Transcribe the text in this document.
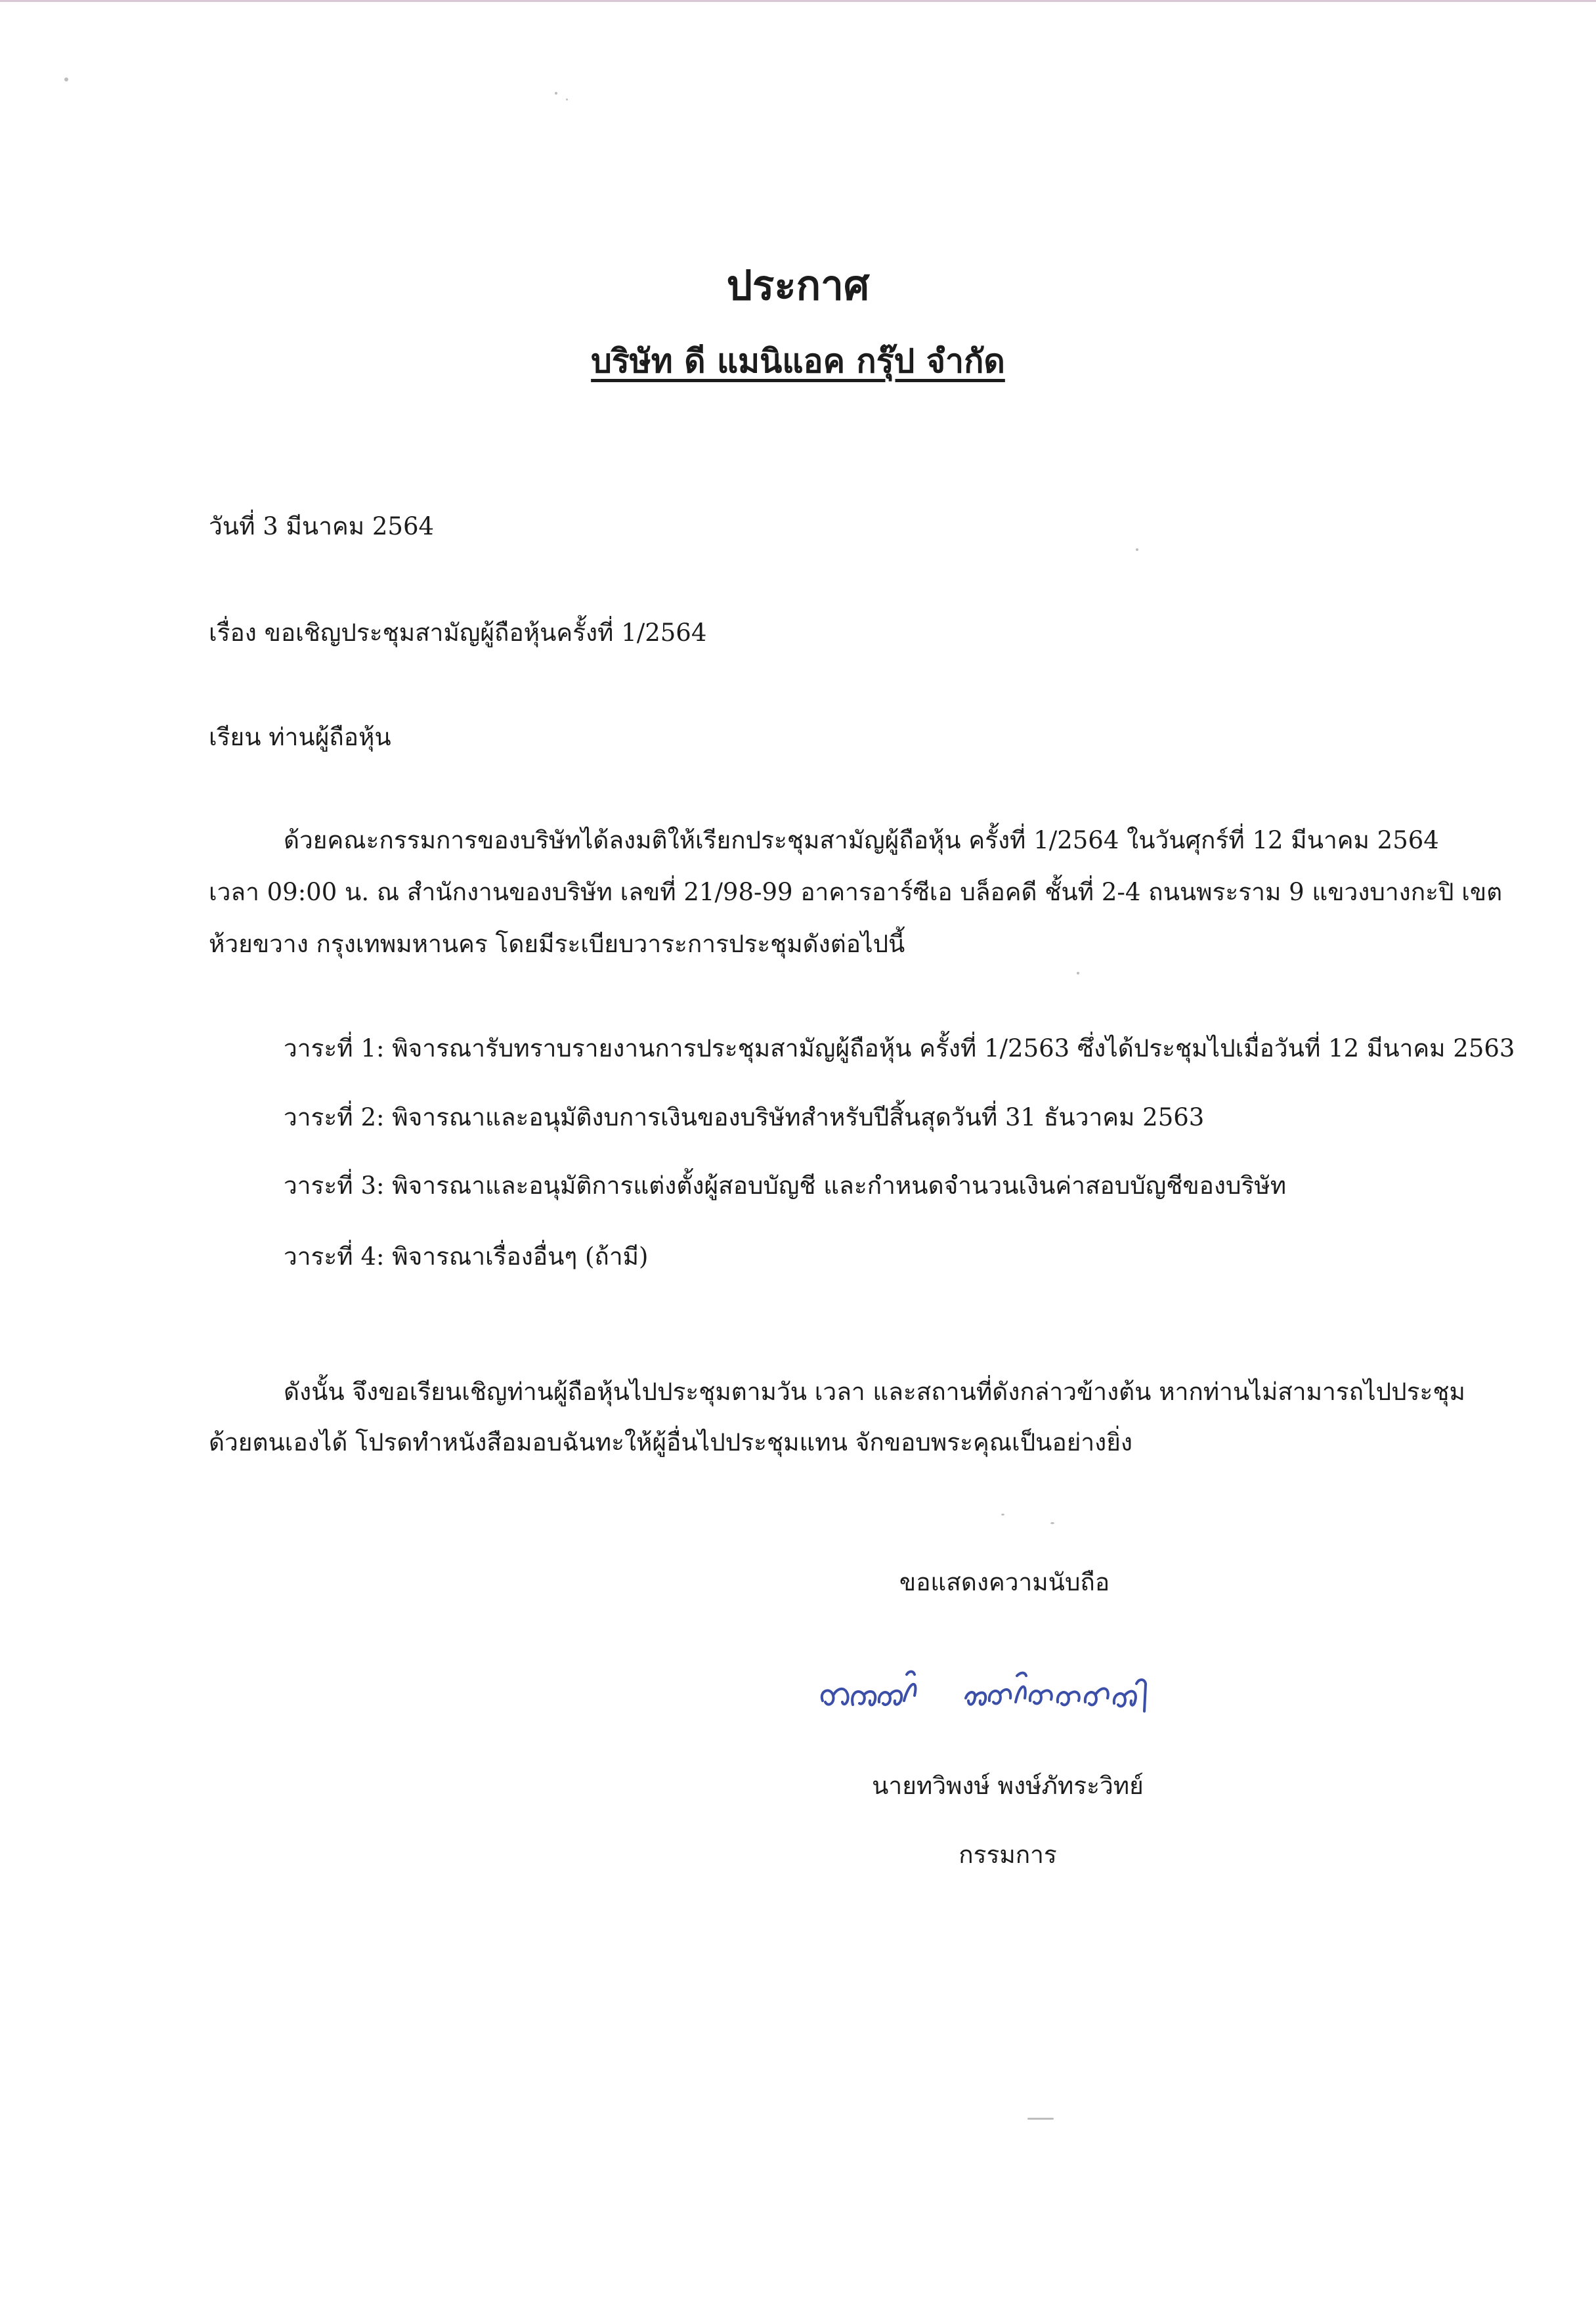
ประกาศ
บริษัท ดี แมนิแอค กรุ๊ป จำกัด
วันที่ 3 มีนาคม 2564
เรื่อง ขอเชิญประชุมสามัญผู้ถือหุ้นครั้งที่ 1/2564
เรียน ท่านผู้ถือหุ้น
ด้วยคณะกรรมการของบริษัทได้ลงมติให้เรียกประชุมสามัญผู้ถือหุ้น ครั้งที่ 1/2564 ในวันศุกร์ที่ 12 มีนาคม 2564
เวลา 09:00 น. ณ สำนักงานของบริษัท เลขที่ 21/98-99 อาคารอาร์ซีเอ บล็อคดี ชั้นที่ 2-4 ถนนพระราม 9 แขวงบางกะปิ เขต
ห้วยขวาง กรุงเทพมหานคร โดยมีระเบียบวาระการประชุมดังต่อไปนี้
วาระที่ 1: พิจารณารับทราบรายงานการประชุมสามัญผู้ถือหุ้น ครั้งที่ 1/2563 ซึ่งได้ประชุมไปเมื่อวันที่ 12 มีนาคม 2563
วาระที่ 2: พิจารณาและอนุมัติงบการเงินของบริษัทสำหรับปีสิ้นสุดวันที่ 31 ธันวาคม 2563
วาระที่ 3: พิจารณาและอนุมัติการแต่งตั้งผู้สอบบัญชี และกำหนดจำนวนเงินค่าสอบบัญชีของบริษัท
วาระที่ 4: พิจารณาเรื่องอื่นๆ (ถ้ามี)
ดังนั้น จึงขอเรียนเชิญท่านผู้ถือหุ้นไปประชุมตามวัน เวลา และสถานที่ดังกล่าวข้างต้น หากท่านไม่สามารถไปประชุม
ด้วยตนเองได้ โปรดทำหนังสือมอบฉันทะให้ผู้อื่นไปประชุมแทน จักขอบพระคุณเป็นอย่างยิ่ง
ขอแสดงความนับถือ
นายทวิพงษ์ พงษ์ภัทระวิทย์
กรรมการ
